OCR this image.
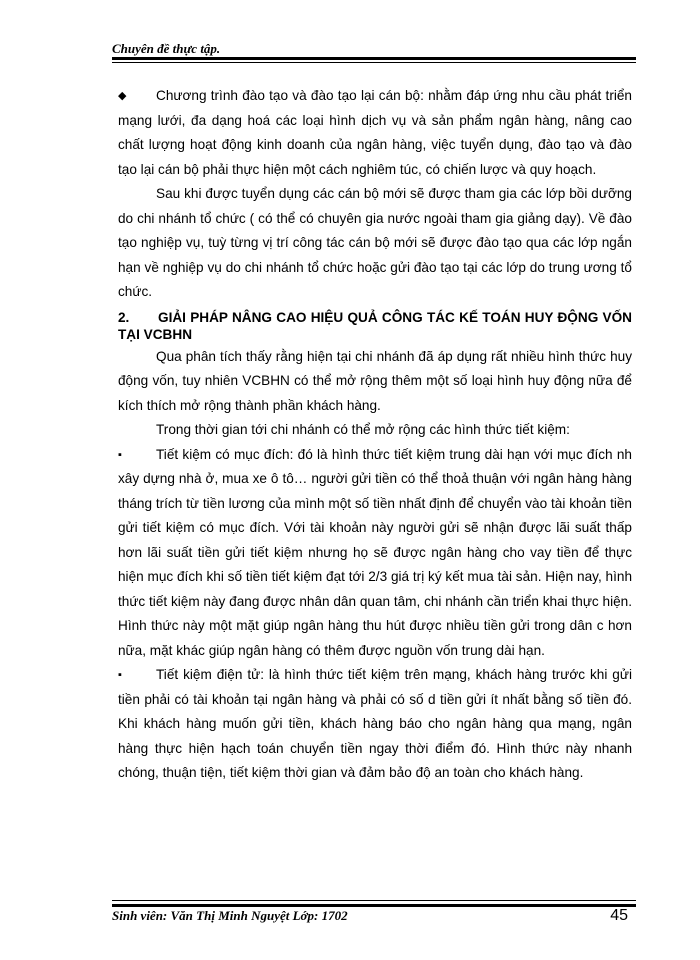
Chuyên đề thực tập.

◆ Chương trình đào tạo và đào tạo lại cán bộ: nhằm đáp ứng nhu cầu phát triển mạng lưới, đa dạng hoá các loại hình dịch vụ và sản phẩm ngân hàng, nâng cao chất lượng hoạt động kinh doanh của ngân hàng, việc tuyển dụng, đào tạo và đào tạo lại cán bộ phải thực hiện một cách nghiêm túc, có chiến lược và quy hoạch.

Sau khi được tuyển dụng các cán bộ mới sẽ được tham gia các lớp bồi dưỡng do chi nhánh tổ chức ( có thể có chuyên gia nước ngoài tham gia giảng dạy). Về đào tạo nghiệp vụ, tuỳ từng vị trí công tác cán bộ mới sẽ được đào tạo qua các lớp ngắn hạn về nghiệp vụ do chi nhánh tổ chức hoặc gửi đào tạo tại các lớp do trung ương tổ chức.

2. GIẢI PHÁP NÂNG CAO HIỆU QUẢ CÔNG TÁC KẾ TOÁN HUY ĐỘNG VỐN TẠI VCBHN

Qua phân tích thấy rằng hiện tại chi nhánh đã áp dụng rất nhiều hình thức huy động vốn, tuy nhiên VCBHN có thể mở rộng thêm một số loại hình huy động nữa để kích thích mở rộng thành phần khách hàng.

Trong thời gian tới chi nhánh có thể mở rộng các hình thức tiết kiệm:

▪	Tiết kiệm có mục đích: đó là hình thức tiết kiệm trung dài hạn với mục đích nh xây dựng nhà ở, mua xe ô tô… người gửi tiền có thể thoả thuận với ngân hàng hàng tháng trích từ tiền lương của mình một số tiền nhất định để chuyển vào tài khoản tiền gửi tiết kiệm có mục đích. Với tài khoản này người gửi sẽ nhận được lãi suất thấp hơn lãi suất tiền gửi tiết kiệm nhưng họ sẽ được ngân hàng cho vay tiền để thực hiện mục đích khi số tiền tiết kiệm đạt tới 2/3 giá trị ký kết mua tài sản. Hiện nay, hình thức tiết kiệm này đang được nhân dân quan tâm, chi nhánh cần triển khai thực hiện. Hình thức này một mặt giúp ngân hàng thu hút được nhiều tiền gửi trong dân c hơn nữa, mặt khác giúp ngân hàng có thêm được nguồn vốn trung dài hạn.

▪	Tiết kiệm điện tử: là hình thức tiết kiệm trên mạng, khách hàng trước khi gửi tiền phải có tài khoản tại ngân hàng và phải có số d tiền gửi ít nhất bằng số tiền đó. Khi khách hàng muốn gửi tiền, khách hàng báo cho ngân hàng qua mạng, ngân hàng thực hiện hạch toán chuyển tiền ngay thời điểm đó. Hình thức này nhanh chóng, thuận tiện, tiết kiệm thời gian và đảm bảo độ an toàn cho khách hàng.

Sinh viên: Văn Thị Minh Nguyệt Lớp: 1702	45
